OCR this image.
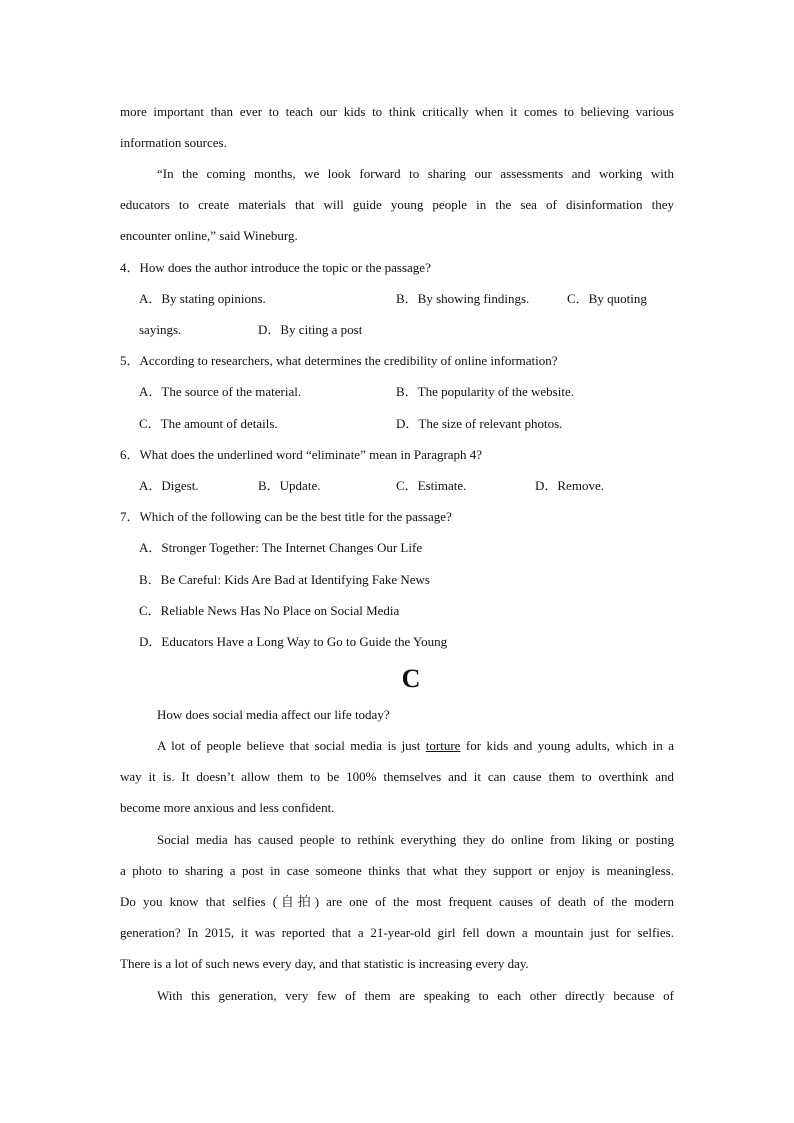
more important than ever to teach our kids to think critically when it comes to believing various
information sources.
“In the coming months, we look forward to sharing our assessments and working with
educators to create materials that will guide young people in the sea of disinformation they
encounter online,” said Wineburg.
4．How does the author introduce the topic or the passage?
A．By stating opinions.	B．By showing findings.	C．By quoting
sayings.	D．By citing a post
5．According to researchers, what determines the credibility of online information?
A．The source of the material.	B．The popularity of the website.
C．The amount of details.	D．The size of relevant photos.
6．What does the underlined word “eliminate” mean in Paragraph 4?
A．Digest.	B．Update.	C．Estimate.	D．Remove.
7．Which of the following can be the best title for the passage?
A．Stronger Together: The Internet Changes Our Life
B．Be Careful: Kids Are Bad at Identifying Fake News
C．Reliable News Has No Place on Social Media
D．Educators Have a Long Way to Go to Guide the Young
C
How does social media affect our life today?
A lot of people believe that social media is just torture for kids and young adults, which in a
way it is. It doesn’t allow them to be 100% themselves and it can cause them to overthink and
become more anxious and less confident.
Social media has caused people to rethink everything they do online from liking or posting
a photo to sharing a post in case someone thinks that what they support or enjoy is meaningless.
Do you know that selfies (自拍) are one of the most frequent causes of death of the modern
generation? In 2015, it was reported that a 21-year-old girl fell down a mountain just for selfies.
There is a lot of such news every day, and that statistic is increasing every day.
With this generation, very few of them are speaking to each other directly because of
